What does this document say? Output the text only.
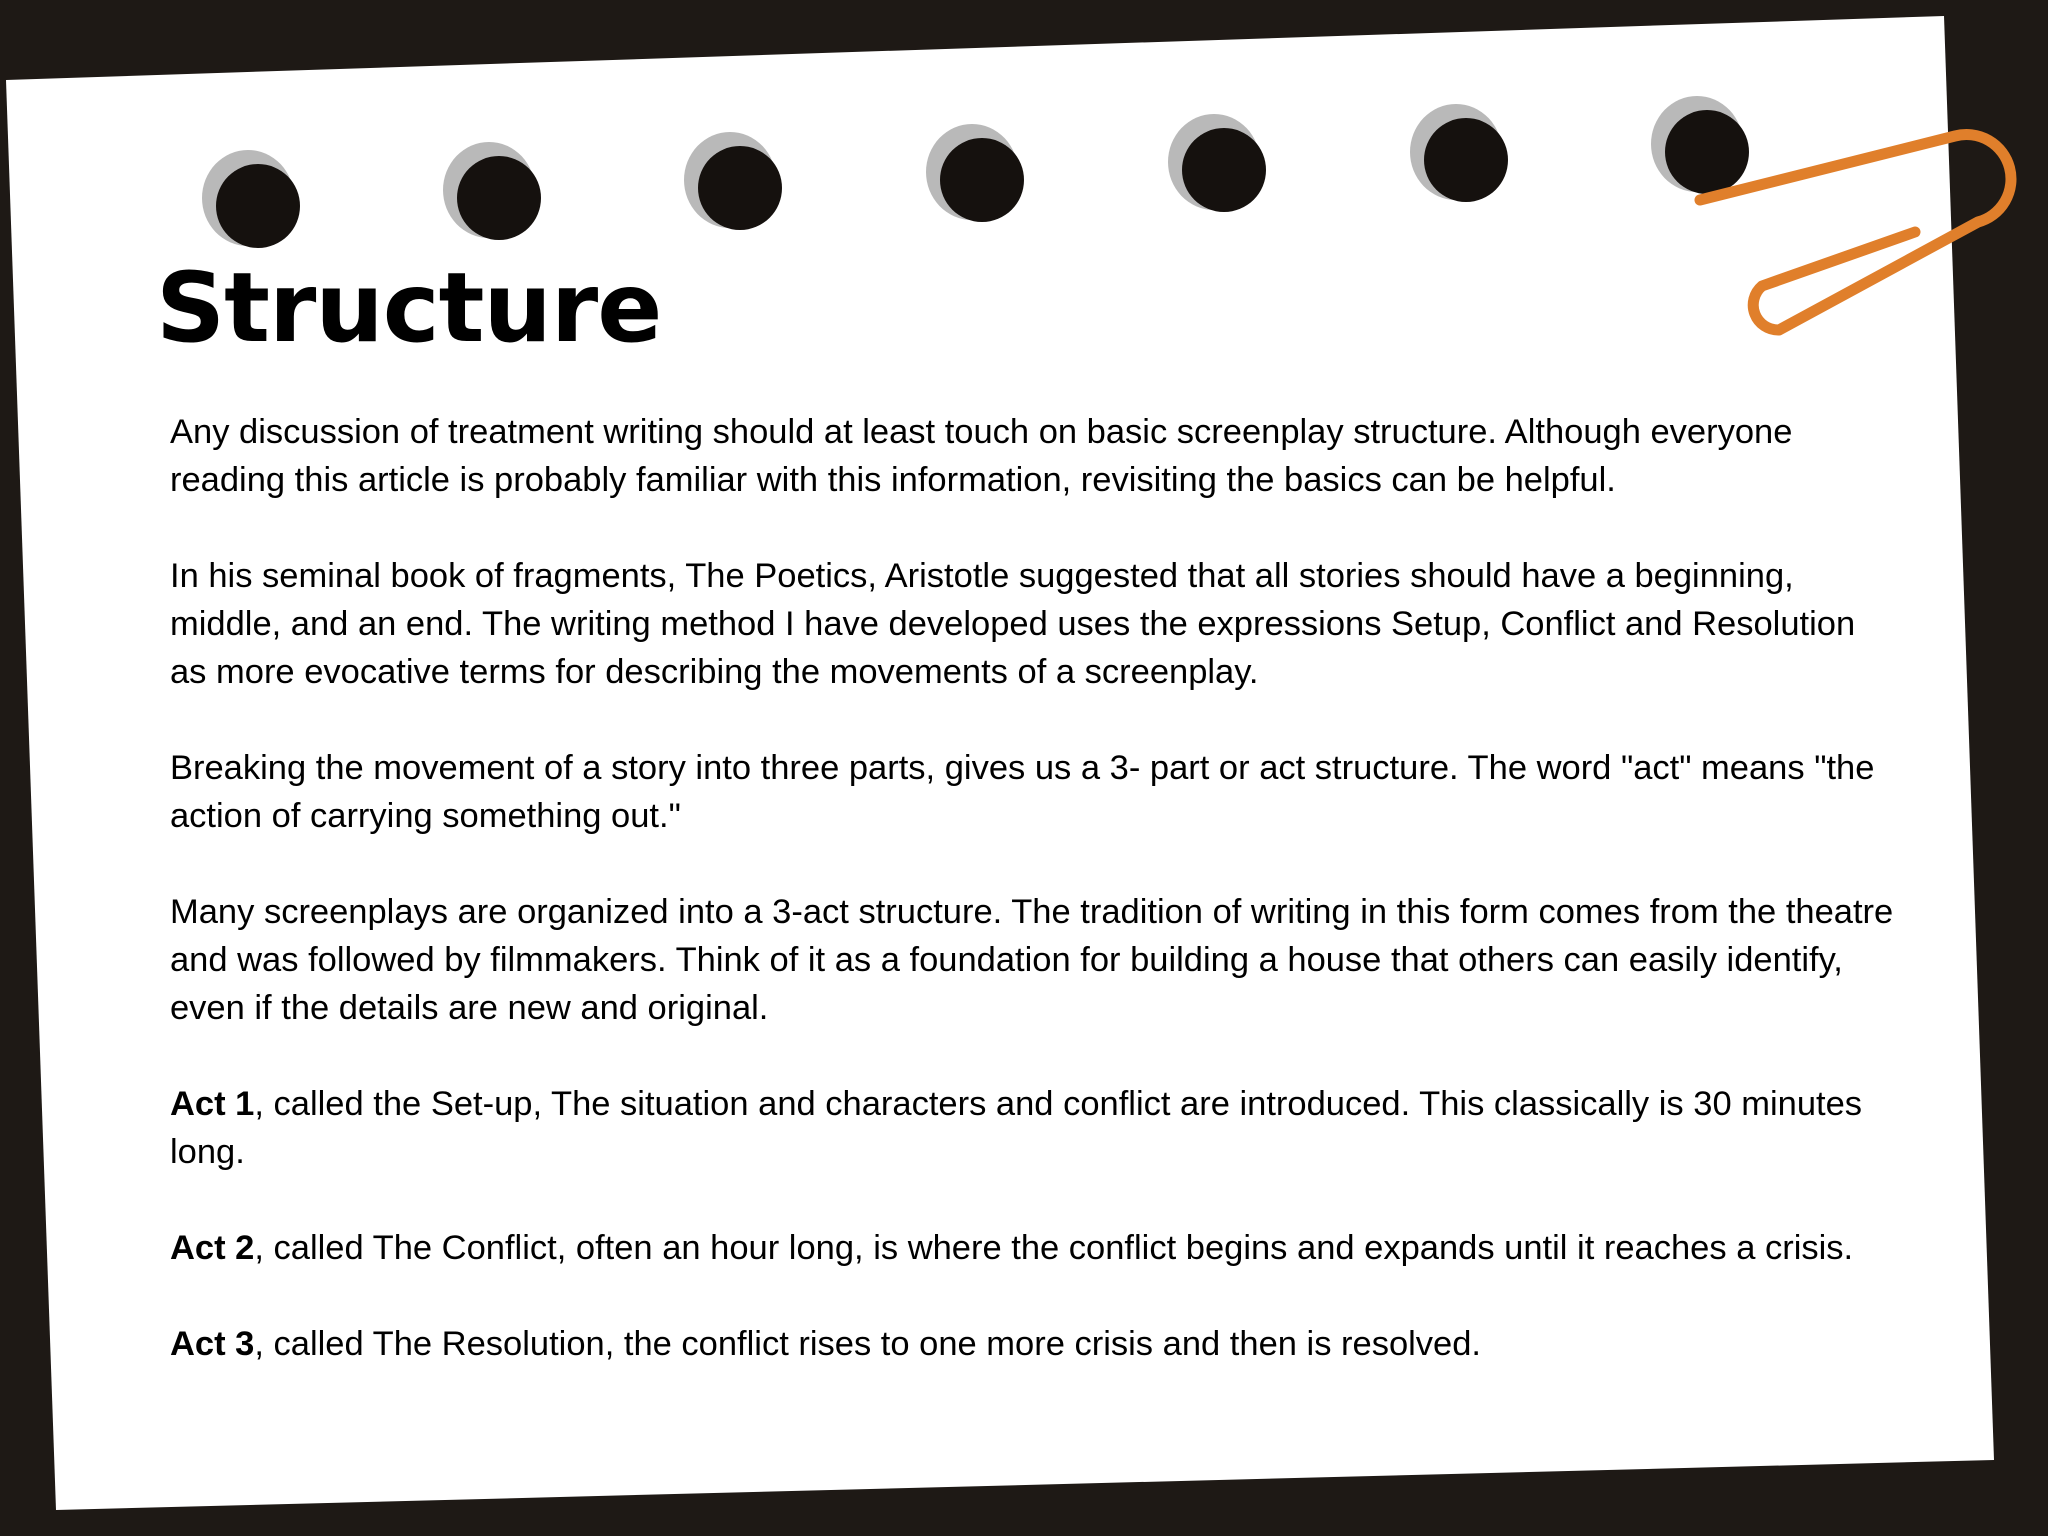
Structure

Any discussion of treatment writing should at least touch on basic screenplay structure. Although everyone reading this article is probably familiar with this information, revisiting the basics can be helpful.

In his seminal book of fragments, The Poetics, Aristotle suggested that all stories should have a beginning, middle, and an end. The writing method I have developed uses the expressions Setup, Conflict and Resolution as more evocative terms for describing the movements of a screenplay.

Breaking the movement of a story into three parts, gives us a 3- part or act structure. The word "act" means "the action of carrying something out."

Many screenplays are organized into a 3-act structure. The tradition of writing in this form comes from the theatre and was followed by filmmakers. Think of it as a foundation for building a house that others can easily identify, even if the details are new and original.

Act 1, called the Set-up, The situation and characters and conflict are introduced. This classically is 30 minutes long.

Act 2, called The Conflict, often an hour long, is where the conflict begins and expands until it reaches a crisis.

Act 3, called The Resolution, the conflict rises to one more crisis and then is resolved.
